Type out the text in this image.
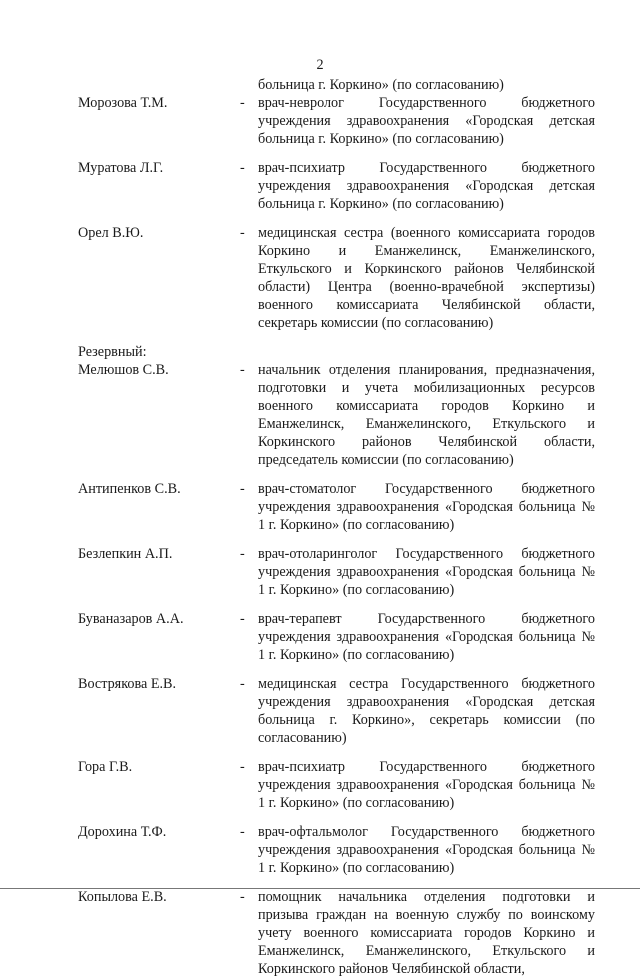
2
больница г. Коркино» (по согласованию)
Морозова Т.М.	- врач-невролог Государственного бюджетного учреждения здравоохранения «Городская детская больница г. Коркино» (по согласованию)
Муратова Л.Г.	- врач-психиатр Государственного бюджетного учреждения здравоохранения «Городская детская больница г. Коркино» (по согласованию)
Орел В.Ю.	- медицинская сестра (военного комиссариата городов Коркино и Еманжелинск, Еманжелинского, Еткульского и Коркинского районов Челябинской области) Центра (военно-врачебной экспертизы) военного комиссариата Челябинской области, секретарь комиссии (по согласованию)
Резервный:
Мелюшов С.В.	- начальник отделения планирования, предназначения, подготовки и учета мобилизационных ресурсов военного комиссариата городов Коркино и Еманжелинск, Еманжелинского, Еткульского и Коркинского районов Челябинской области, председатель комиссии (по согласованию)
Антипенков С.В.	- врач-стоматолог Государственного бюджетного учреждения здравоохранения «Городская больница № 1 г. Коркино» (по согласованию)
Безлепкин А.П.	- врач-отоларинголог Государственного бюджетного учреждения здравоохранения «Городская больница № 1 г. Коркино» (по согласованию)
Буваназаров А.А.	- врач-терапевт Государственного бюджетного учреждения здравоохранения «Городская больница № 1 г. Коркино» (по согласованию)
Вострякова Е.В.	- медицинская сестра Государственного бюджетного учреждения здравоохранения «Городская детская больница г. Коркино», секретарь комиссии (по согласованию)
Гора Г.В.	- врач-психиатр Государственного бюджетного учреждения здравоохранения «Городская больница № 1 г. Коркино» (по согласованию)
Дорохина Т.Ф.	- врач-офтальмолог Государственного бюджетного учреждения здравоохранения «Городская больница № 1 г. Коркино» (по согласованию)
Копылова Е.В.	- помощник начальника отделения подготовки и призыва граждан на военную службу по воинскому учету военного комиссариата городов Коркино и Еманжелинск, Еманжелинского, Еткульского и Коркинского районов Челябинской области,
